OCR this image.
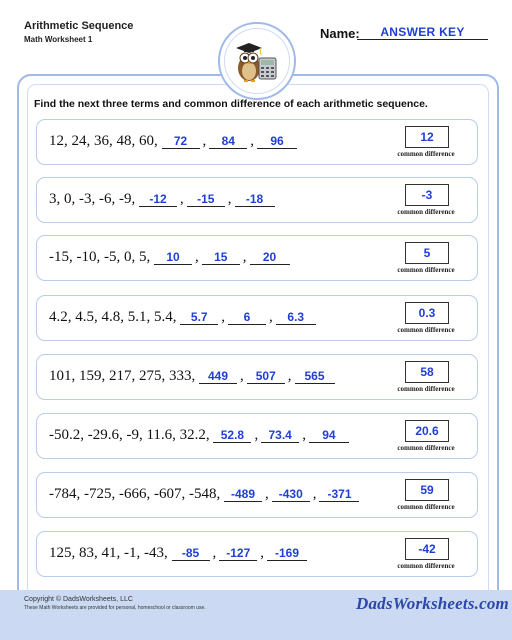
Arithmetic Sequence
Math Worksheet 1	Name:	ANSWER KEY
Find the next three terms and common difference of each arithmetic sequence.
12, 24, 36, 48, 60, 72 , 84 , 96	12
common difference
3, 0, -3, -6, -9, -12 , -15 , -18	-3
common difference
-15, -10, -5, 0, 5, 10 , 15 , 20	5
common difference
4.2, 4.5, 4.8, 5.1, 5.4, 5.7 , 6 , 6.3	0.3
common difference
101, 159, 217, 275, 333, 449 , 507 , 565	58
common difference
-50.2, -29.6, -9, 11.6, 32.2, 52.8 , 73.4 , 94	20.6
common difference
-784, -725, -666, -607, -548, -489 , -430 , -371	59
common difference
125, 83, 41, -1, -43, -85 , -127 , -169	-42
common difference
Copyright © DadsWorksheets, LLC
These Math Worksheets are provided for personal, homeschool or classroom use.	DadsWorksheets.com
